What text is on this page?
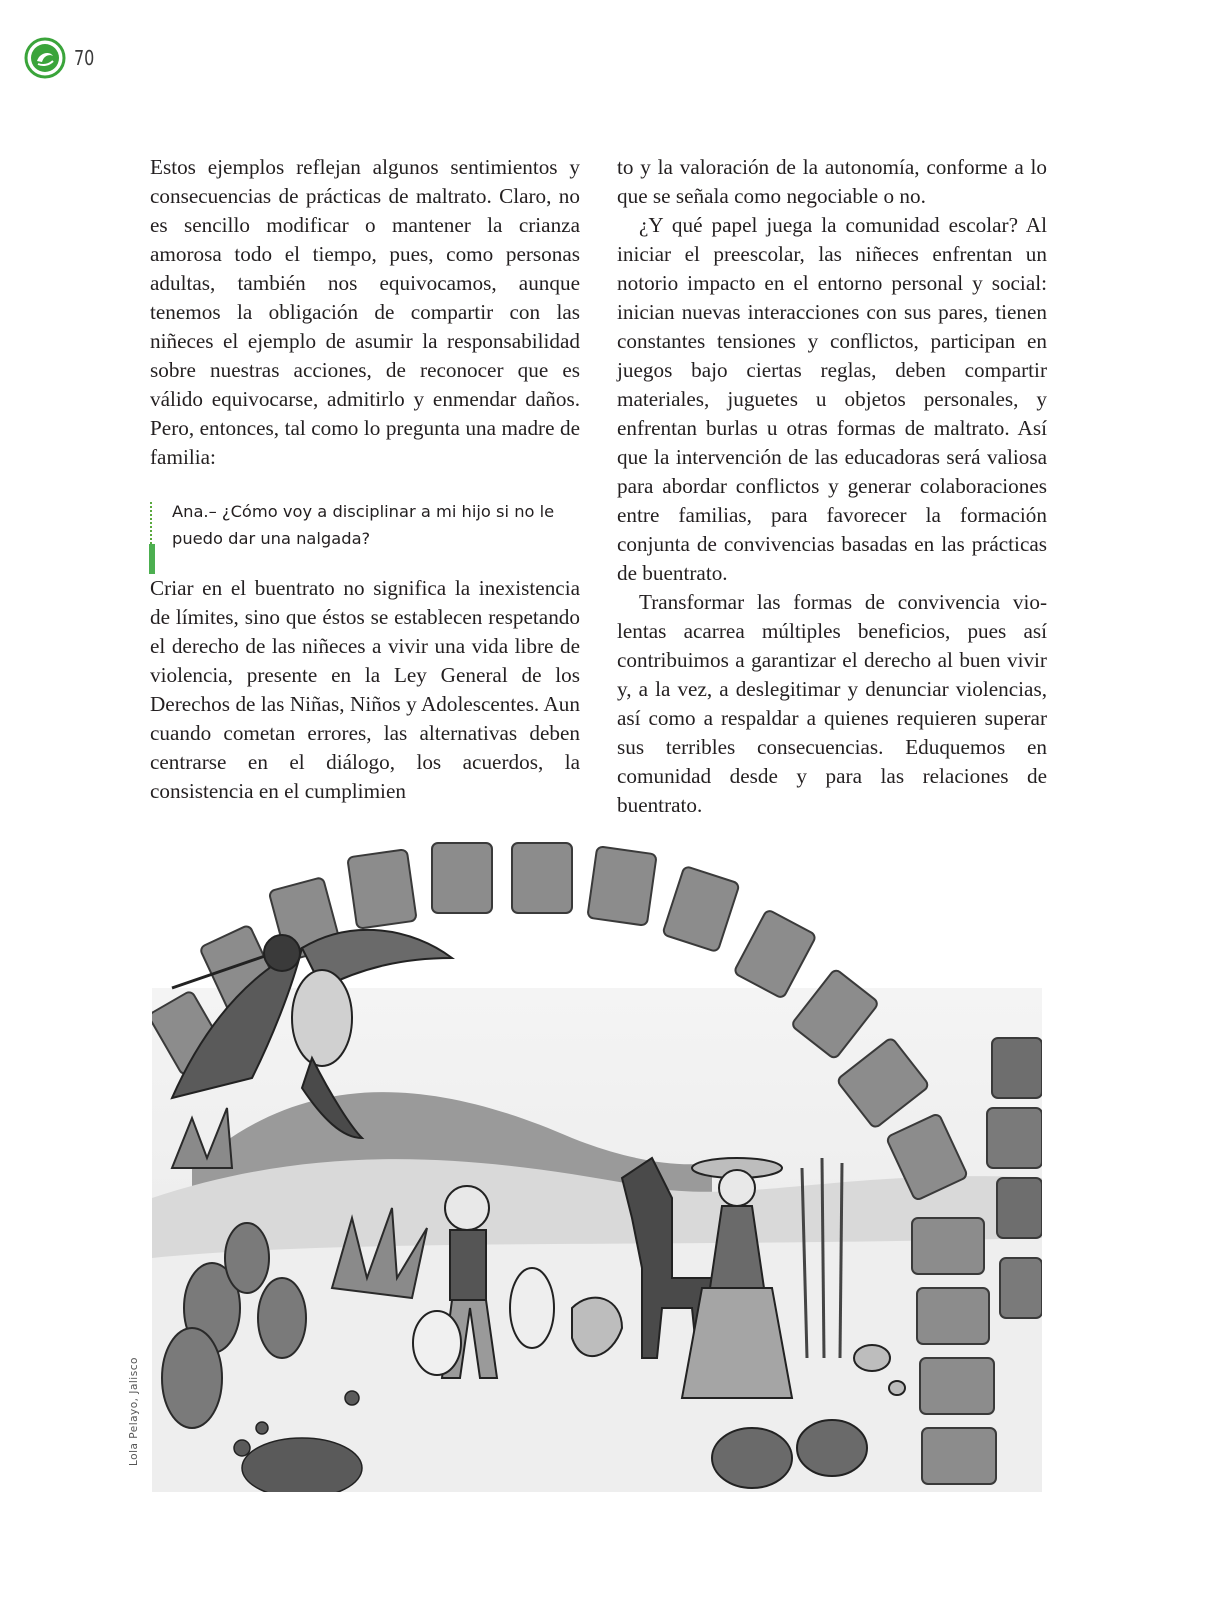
70

Estos ejemplos reflejan algunos sentimientos y consecuencias de prácticas de maltrato. Claro, no es sencillo modificar o mantener la crianza amorosa todo el tiempo, pues, como personas adultas, también nos equivocamos, aunque tenemos la obligación de compartir con las niñeces el ejemplo de asumir la responsabilidad sobre nuestras acciones, de reconocer que es válido equivocarse, admitirlo y enmendar daños. Pero, entonces, tal como lo pregunta una madre de familia:

Ana.– ¿Cómo voy a disciplinar a mi hijo si no le puedo dar una nalgada?

Criar en el buentrato no significa la inexistencia de límites, sino que éstos se establecen respetando el derecho de las niñeces a vivir una vida libre de violencia, presente en la Ley General de los Derechos de las Niñas, Niños y Adolescentes. Aun cuando cometan errores, las alternativas deben centrarse en el diálogo, los acuerdos, la consistencia en el cumplimien

to y la valoración de la autonomía, conforme a lo que se señala como negociable o no.

¿Y qué papel juega la comunidad escolar? Al iniciar el preescolar, las niñeces enfrentan un notorio impacto en el entorno personal y social: inician nuevas interacciones con sus pares, tienen constantes tensiones y conflictos, participan en juegos bajo ciertas reglas, deben compartir materiales, juguetes u objetos personales, y enfrentan burlas u otras formas de maltrato. Así que la intervención de las educadoras será valiosa para abordar conflictos y generar colaboraciones entre familias, para favorecer la formación conjunta de convivencias basadas en las prácticas de buentrato.

Transformar las formas de convivencia violentas acarrea múltiples beneficios, pues así contribuimos a garantizar el derecho al buen vivir y, a la vez, a deslegitimar y denunciar violencias, así como a respaldar a quienes requieren superar sus terribles consecuencias. Eduquemos en comunidad desde y para las relaciones de buentrato.

Lola Pelayo, Jalisco
